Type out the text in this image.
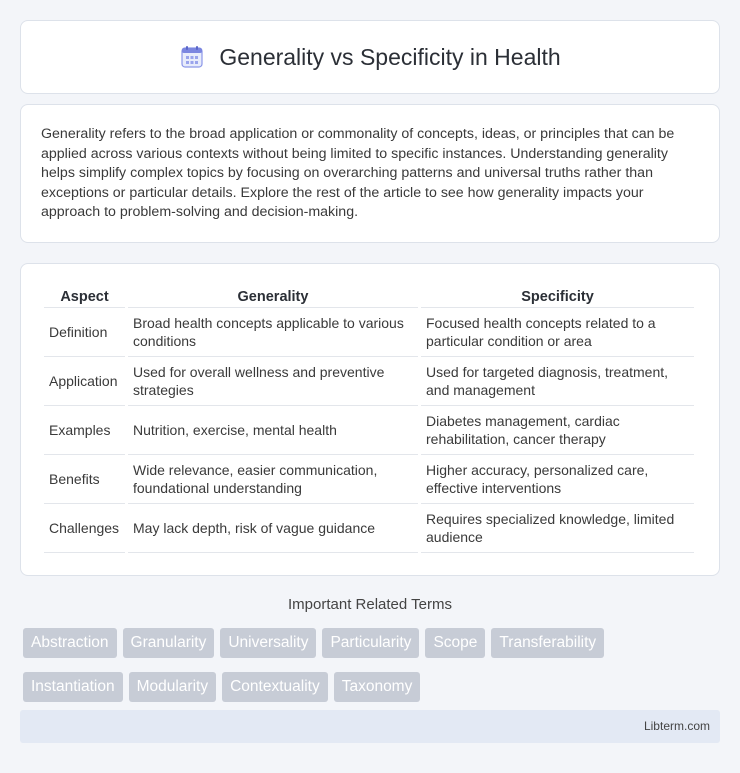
Generality vs Specificity in Health

Generality refers to the broad application or commonality of concepts, ideas, or principles that can be applied across various contexts without being limited to specific instances. Understanding generality helps simplify complex topics by focusing on overarching patterns and universal truths rather than exceptions or particular details. Explore the rest of the article to see how generality impacts your approach to problem-solving and decision-making.

Aspect	Generality	Specificity
Definition	Broad health concepts applicable to various conditions	Focused health concepts related to a particular condition or area
Application	Used for overall wellness and preventive strategies	Used for targeted diagnosis, treatment, and management
Examples	Nutrition, exercise, mental health	Diabetes management, cardiac rehabilitation, cancer therapy
Benefits	Wide relevance, easier communication, foundational understanding	Higher accuracy, personalized care, effective interventions
Challenges	May lack depth, risk of vague guidance	Requires specialized knowledge, limited audience
Important Related Terms
Abstraction	Granularity	Universality	Particularity	Scope	Transferability
Instantiation	Modularity	Contextuality	Taxonomy
Libterm.com
